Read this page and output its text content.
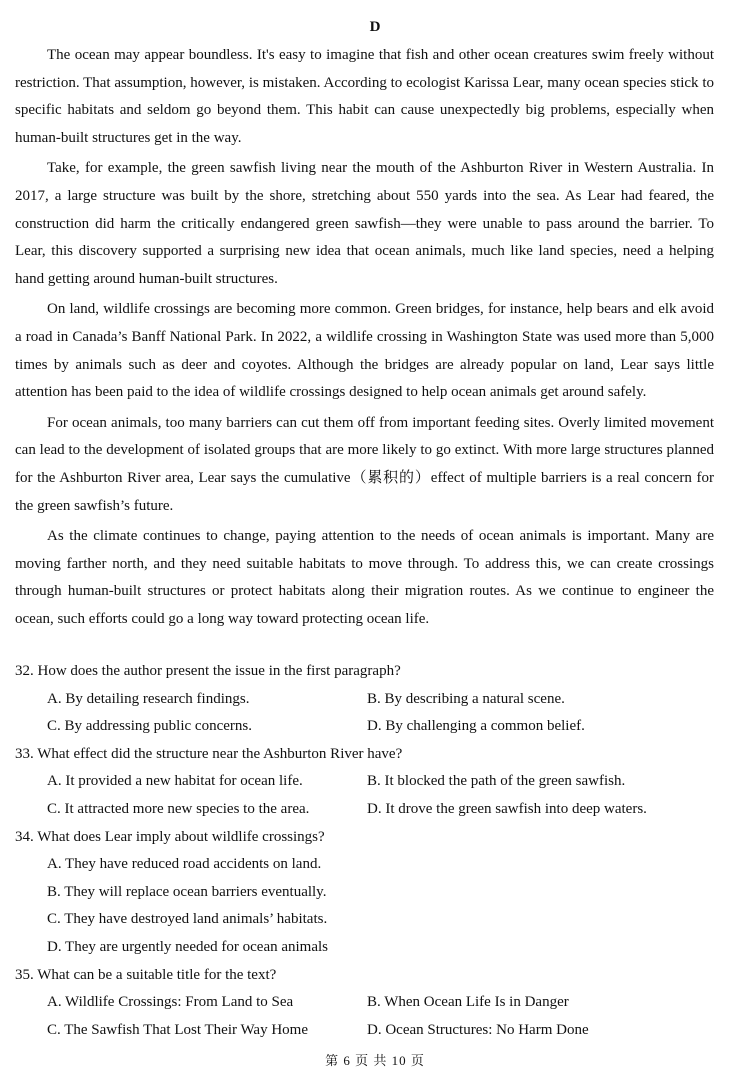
D

The ocean may appear boundless. It's easy to imagine that fish and other ocean creatures swim freely without restriction. That assumption, however, is mistaken. According to ecologist Karissa Lear, many ocean species stick to specific habitats and seldom go beyond them. This habit can cause unexpectedly big problems, especially when human-built structures get in the way.

Take, for example, the green sawfish living near the mouth of the Ashburton River in Western Australia. In 2017, a large structure was built by the shore, stretching about 550 yards into the sea. As Lear had feared, the construction did harm the critically endangered green sawfish—they were unable to pass around the barrier. To Lear, this discovery supported a surprising new idea that ocean animals, much like land species, need a helping hand getting around human-built structures.

On land, wildlife crossings are becoming more common. Green bridges, for instance, help bears and elk avoid a road in Canada’s Banff National Park. In 2022, a wildlife crossing in Washington State was used more than 5,000 times by animals such as deer and coyotes. Although the bridges are already popular on land, Lear says little attention has been paid to the idea of wildlife crossings designed to help ocean animals get around safely.

For ocean animals, too many barriers can cut them off from important feeding sites. Overly limited movement can lead to the development of isolated groups that are more likely to go extinct. With more large structures planned for the Ashburton River area, Lear says the cumulative（累积的）effect of multiple barriers is a real concern for the green sawfish’s future.

As the climate continues to change, paying attention to the needs of ocean animals is important. Many are moving farther north, and they need suitable habitats to move through. To address this, we can create crossings through human-built structures or protect habitats along their migration routes. As we continue to engineer the ocean, such efforts could go a long way toward protecting ocean life.

32. How does the author present the issue in the first paragraph?
A. By detailing research findings.	B. By describing a natural scene.
C. By addressing public concerns.	D. By challenging a common belief.
33. What effect did the structure near the Ashburton River have?
A. It provided a new habitat for ocean life.	B. It blocked the path of the green sawfish.
C. It attracted more new species to the area.	D. It drove the green sawfish into deep waters.
34. What does Lear imply about wildlife crossings?
A. They have reduced road accidents on land.
B. They will replace ocean barriers eventually.
C. They have destroyed land animals’ habitats.
D. They are urgently needed for ocean animals
35. What can be a suitable title for the text?
A. Wildlife Crossings: From Land to Sea	B. When Ocean Life Is in Danger
C. The Sawfish That Lost Their Way Home	D. Ocean Structures: No Harm Done
第 6 页 共 10 页
